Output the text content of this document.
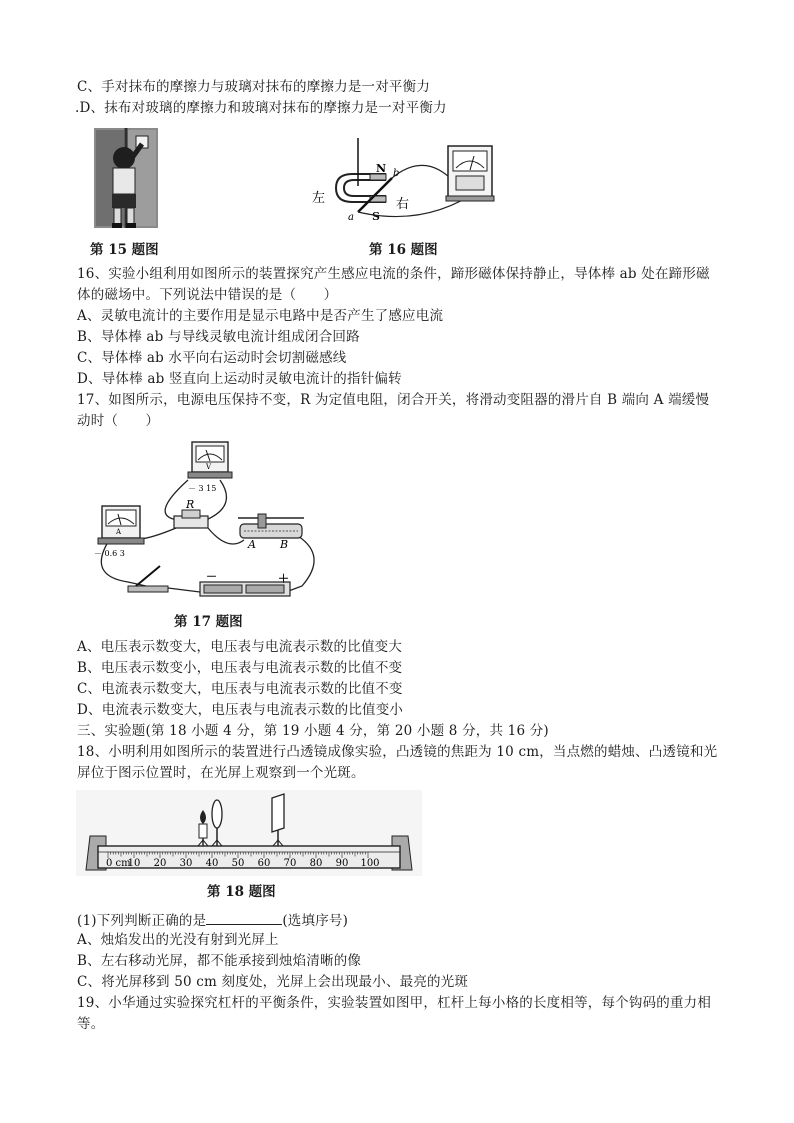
C、手对抹布的摩擦力与玻璃对抹布的摩擦力是一对平衡力
.D、抹布对玻璃的摩擦力和玻璃对抹布的摩擦力是一对平衡力
第 15 题图
N
S
a
b
左	右
第 16 题图
16、实验小组利用如图所示的装置探究产生感应电流的条件，蹄形磁体保持静止，导体棒 ab 处在蹄形磁
体的磁场中。下列说法中错误的是（　　）
A、灵敏电流计的主要作用是显示电路中是否产生了感应电流
B、导体棒 ab 与导线灵敏电流计组成闭合回路
C、导体棒 ab 水平向右运动时会切割磁感线
D、导体棒 ab 竖直向上运动时灵敏电流计的指针偏转
17、如图所示，电源电压保持不变，R 为定值电阻，闭合开关，将滑动变阻器的滑片自 B 端向 A 端缓慢
动时（　　）
V
－ 3 15
R
A
－ 0.6 3
A B
－	＋
第 17 题图
A、电压表示数变大，电压表与电流表示数的比值变大
B、电压表示数变小，电压表与电流表示数的比值不变
C、电流表示数变大，电压表与电流表示数的比值不变
D、电流表示数变大，电压表与电流表示数的比值变小
三、实验题(第 18 小题 4 分，第 19 小题 4 分，第 20 小题 8 分，共 16 分)
18、小明利用如图所示的装置进行凸透镜成像实验，凸透镜的焦距为 10 cm，当点燃的蜡烛、凸透镜和光
屏位于图示位置时，在光屏上观察到一个光斑。
0 cm
10 20 30 40 50 60 70 80 90 100
第 18 题图
(1)下列判断正确的是	(选填序号)
A、烛焰发出的光没有射到光屏上
B、左右移动光屏，都不能承接到烛焰清晰的像
C、将光屏移到 50 cm 刻度处，光屏上会出现最小、最亮的光斑
19、小华通过实验探究杠杆的平衡条件，实验装置如图甲，杠杆上每小格的长度相等，每个钩码的重力相
等。
